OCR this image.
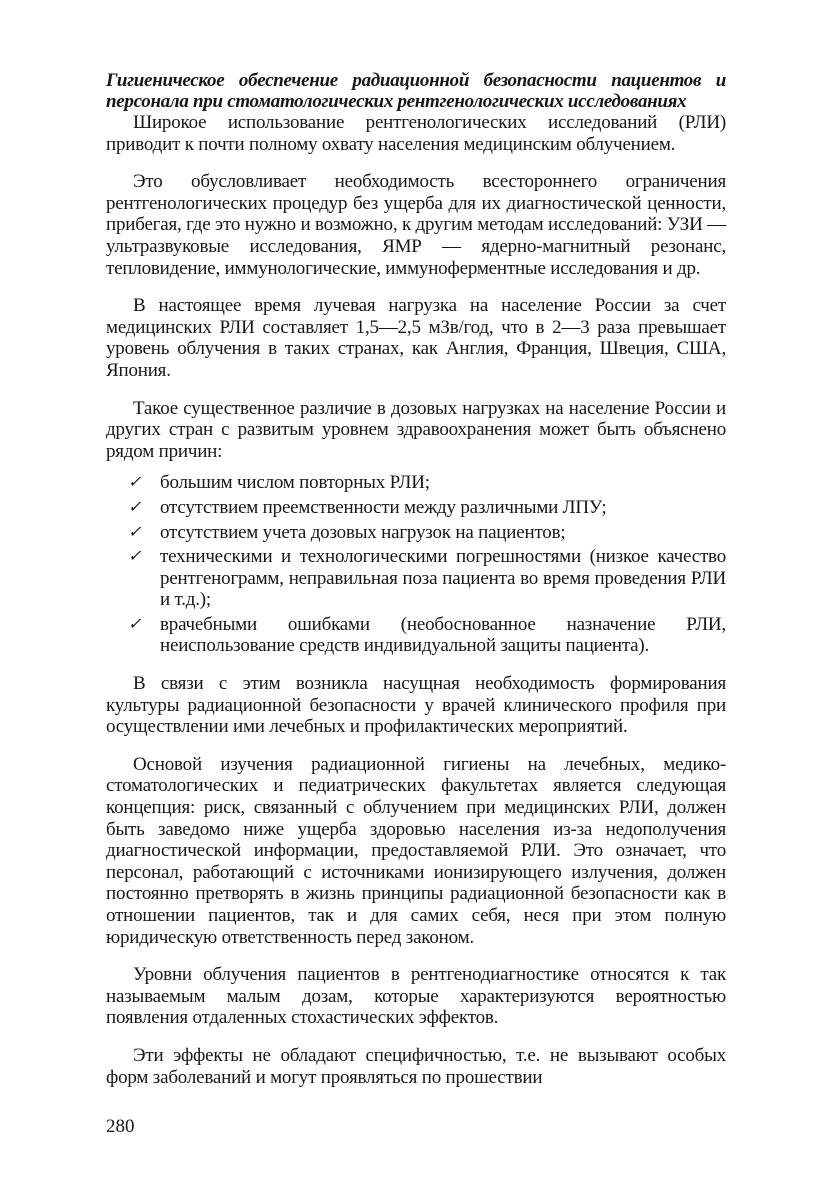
Гигиеническое обеспечение радиационной безопасности пациентов и персонала при стоматологических рентгенологических исследованиях

Широкое использование рентгенологических исследований (РЛИ) приводит к почти полному охвату населения медицинским облучением.

Это обусловливает необходимость всестороннего ограничения рентгенологических процедур без ущерба для их диагностической ценности, прибегая, где это нужно и возможно, к другим методам исследований: УЗИ — ультразвуковые исследования, ЯМР — ядерно-магнитный резонанс, тепловидение, иммунологические, иммуноферментные исследования и др.

В настоящее время лучевая нагрузка на население России за счет медицинских РЛИ составляет 1,5—2,5 мЗв/год, что в 2—3 раза превышает уровень облучения в таких странах, как Англия, Франция, Швеция, США, Япония.

Такое существенное различие в дозовых нагрузках на население России и других стран с развитым уровнем здравоохранения может быть объяснено рядом причин:

✓ большим числом повторных РЛИ;
✓ отсутствием преемственности между различными ЛПУ;
✓ отсутствием учета дозовых нагрузок на пациентов;
✓ техническими и технологическими погрешностями (низкое качество рентгенограмм, неправильная поза пациента во время проведения РЛИ и т.д.);
✓ врачебными ошибками (необоснованное назначение РЛИ, неиспользование средств индивидуальной защиты пациента).

В связи с этим возникла насущная необходимость формирования культуры радиационной безопасности у врачей клинического профиля при осуществлении ими лечебных и профилактических мероприятий.

Основой изучения радиационной гигиены на лечебных, медико-стоматологических и педиатрических факультетах является следующая концепция: риск, связанный с облучением при медицинских РЛИ, должен быть заведомо ниже ущерба здоровью населения из-за недополучения диагностической информации, предоставляемой РЛИ. Это означает, что персонал, работающий с источниками ионизирующего излучения, должен постоянно претворять в жизнь принципы радиационной безопасности как в отношении пациентов, так и для самих себя, неся при этом полную юридическую ответственность перед законом.

Уровни облучения пациентов в рентгенодиагностике относятся к так называемым малым дозам, которые характеризуются вероятностью появления отдаленных стохастических эффектов.

Эти эффекты не обладают специфичностью, т.е. не вызывают особых форм заболеваний и могут проявляться по прошествии

280
